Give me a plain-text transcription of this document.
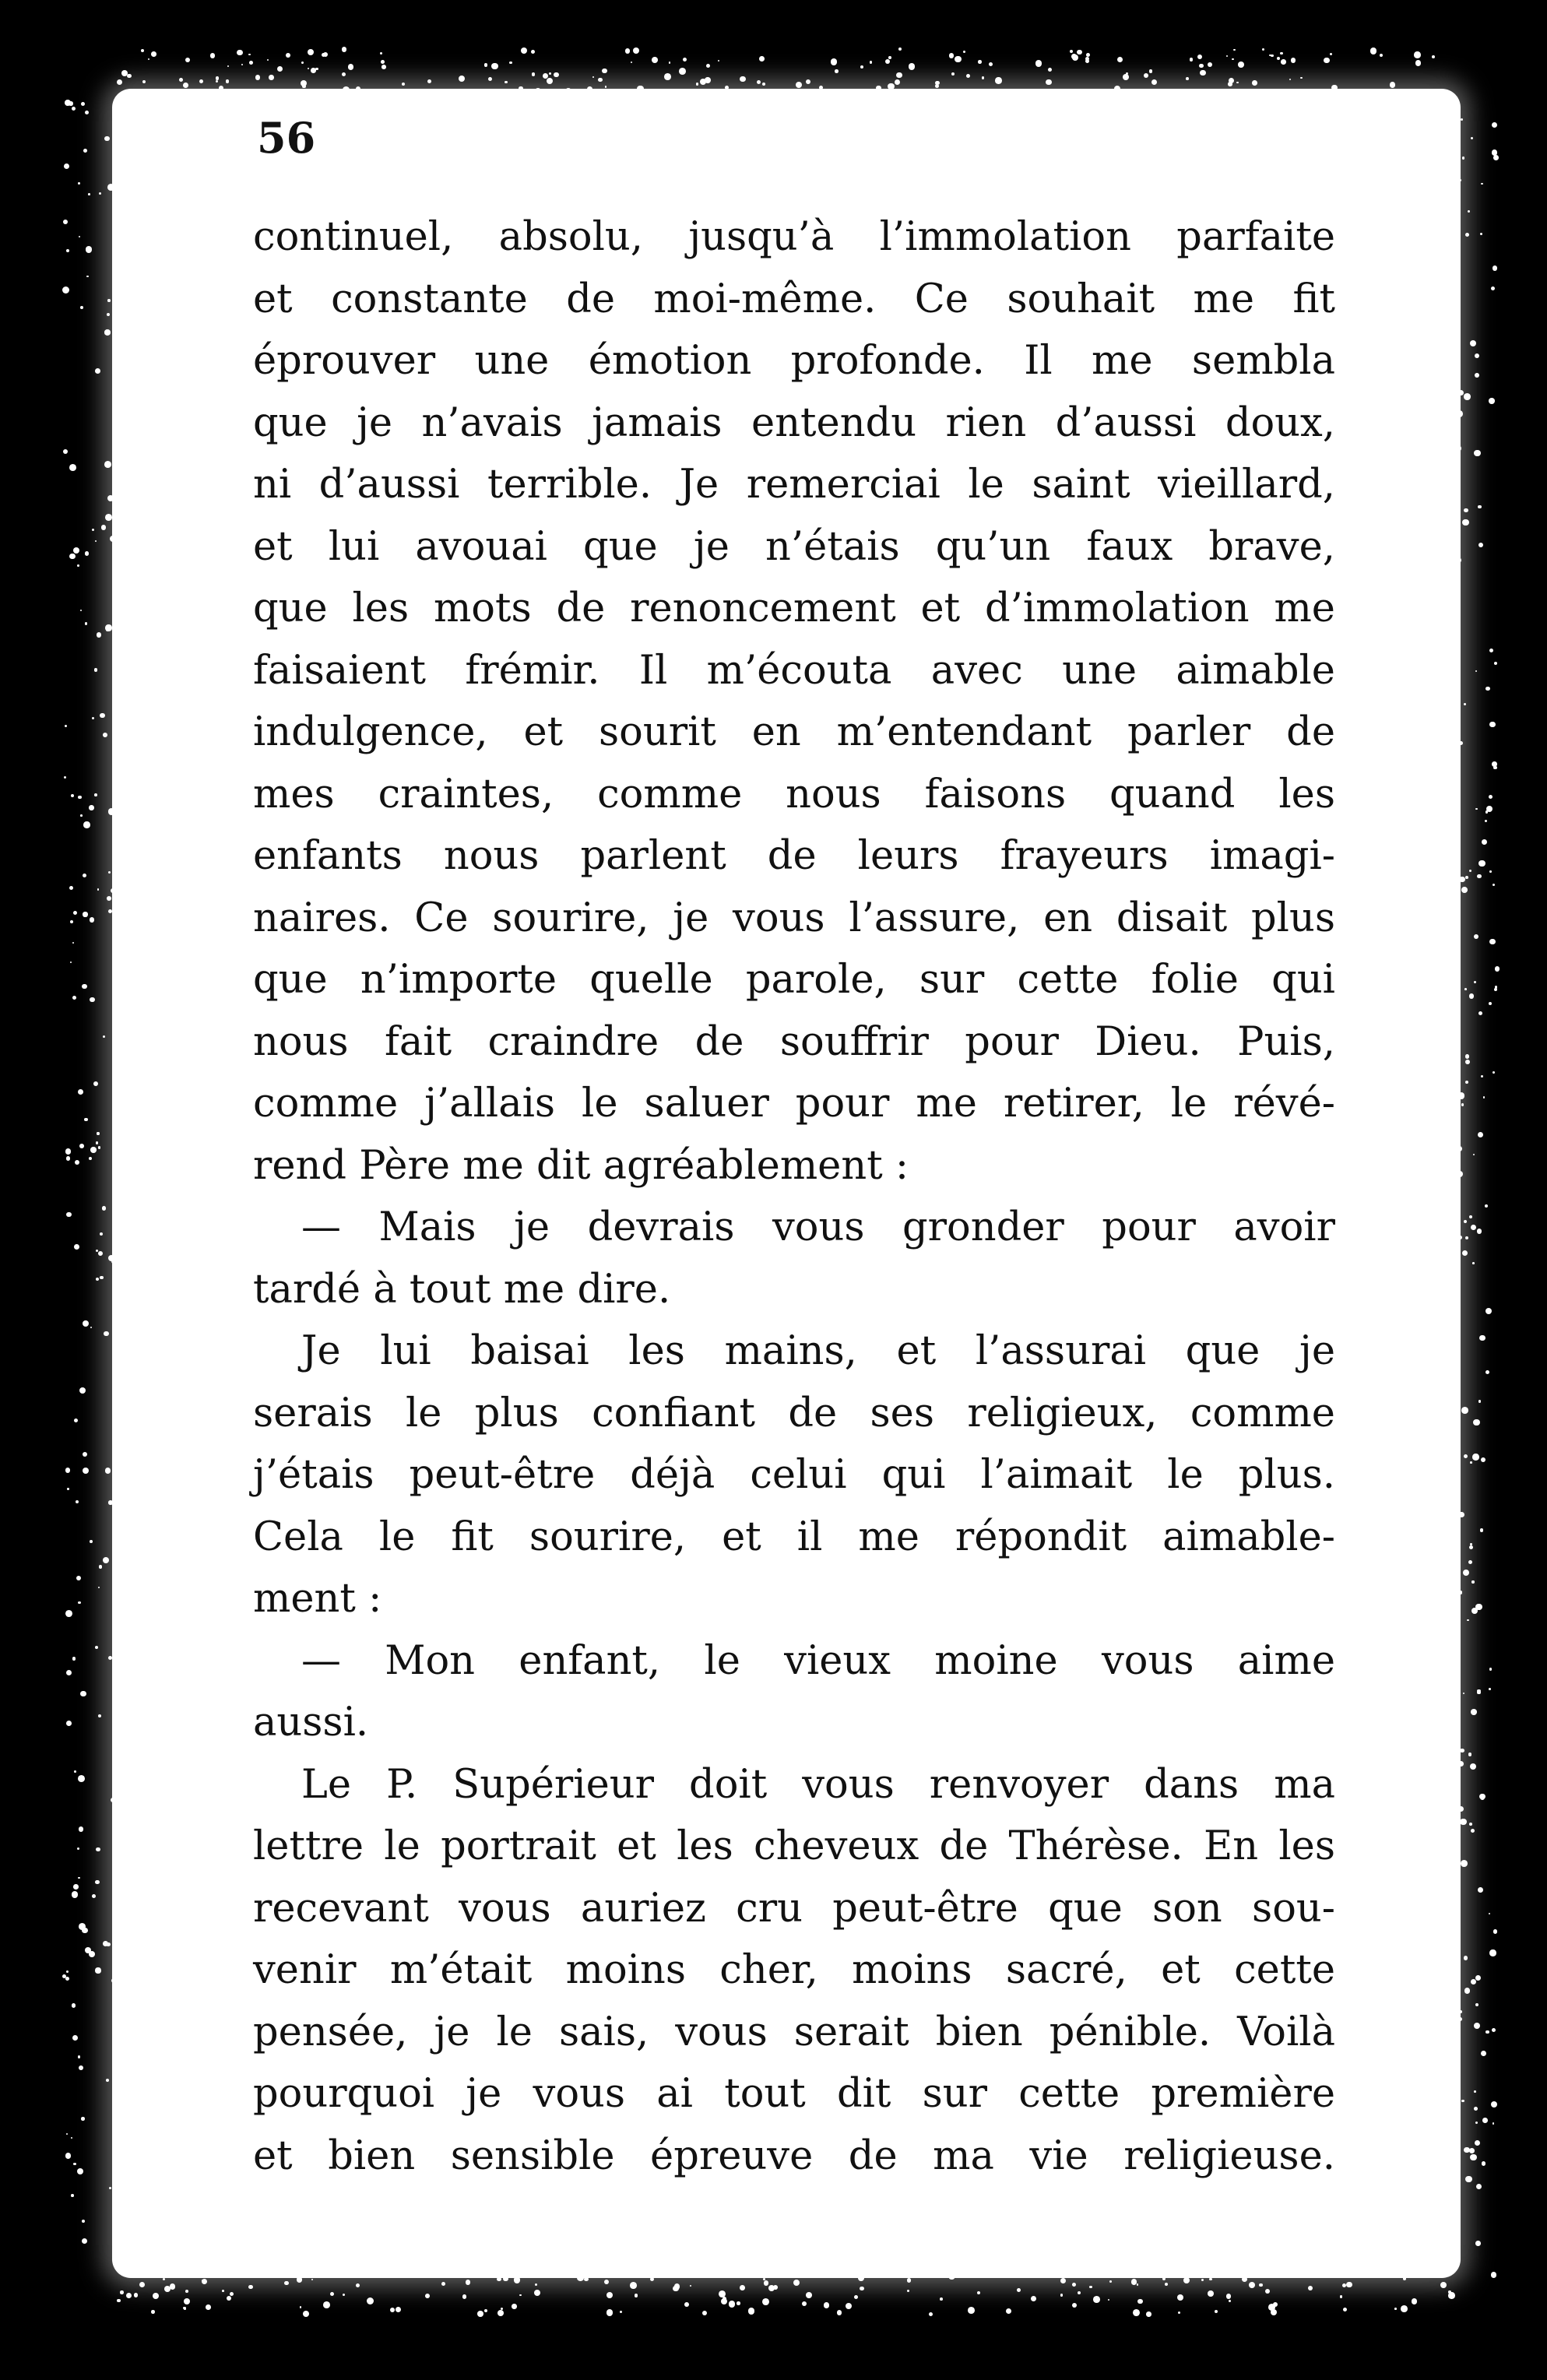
56
continuel, absolu, jusqu’à l’immolation parfaite
et constante de moi-même. Ce souhait me fit
éprouver une émotion profonde. Il me sembla
que je n’avais jamais entendu rien d’aussi doux,
ni d’aussi terrible. Je remerciai le saint vieillard,
et lui avouai que je n’étais qu’un faux brave,
que les mots de renoncement et d’immolation me
faisaient frémir. Il m’écouta avec une aimable
indulgence, et sourit en m’entendant parler de
mes craintes, comme nous faisons quand les
enfants nous parlent de leurs frayeurs imagi-
naires. Ce sourire, je vous l’assure, en disait plus
que n’importe quelle parole, sur cette folie qui
nous fait craindre de souffrir pour Dieu. Puis,
comme j’allais le saluer pour me retirer, le révé-
rend Père me dit agréablement :
— Mais je devrais vous gronder pour avoir
tardé à tout me dire.
Je lui baisai les mains, et l’assurai que je
serais le plus confiant de ses religieux, comme
j’étais peut-être déjà celui qui l’aimait le plus.
Cela le fit sourire, et il me répondit aimable-
ment :
— Mon enfant, le vieux moine vous aime
aussi.
Le P. Supérieur doit vous renvoyer dans ma
lettre le portrait et les cheveux de Thérèse. En les
recevant vous auriez cru peut-être que son sou-
venir m’était moins cher, moins sacré, et cette
pensée, je le sais, vous serait bien pénible. Voilà
pourquoi je vous ai tout dit sur cette première
et bien sensible épreuve de ma vie religieuse.
